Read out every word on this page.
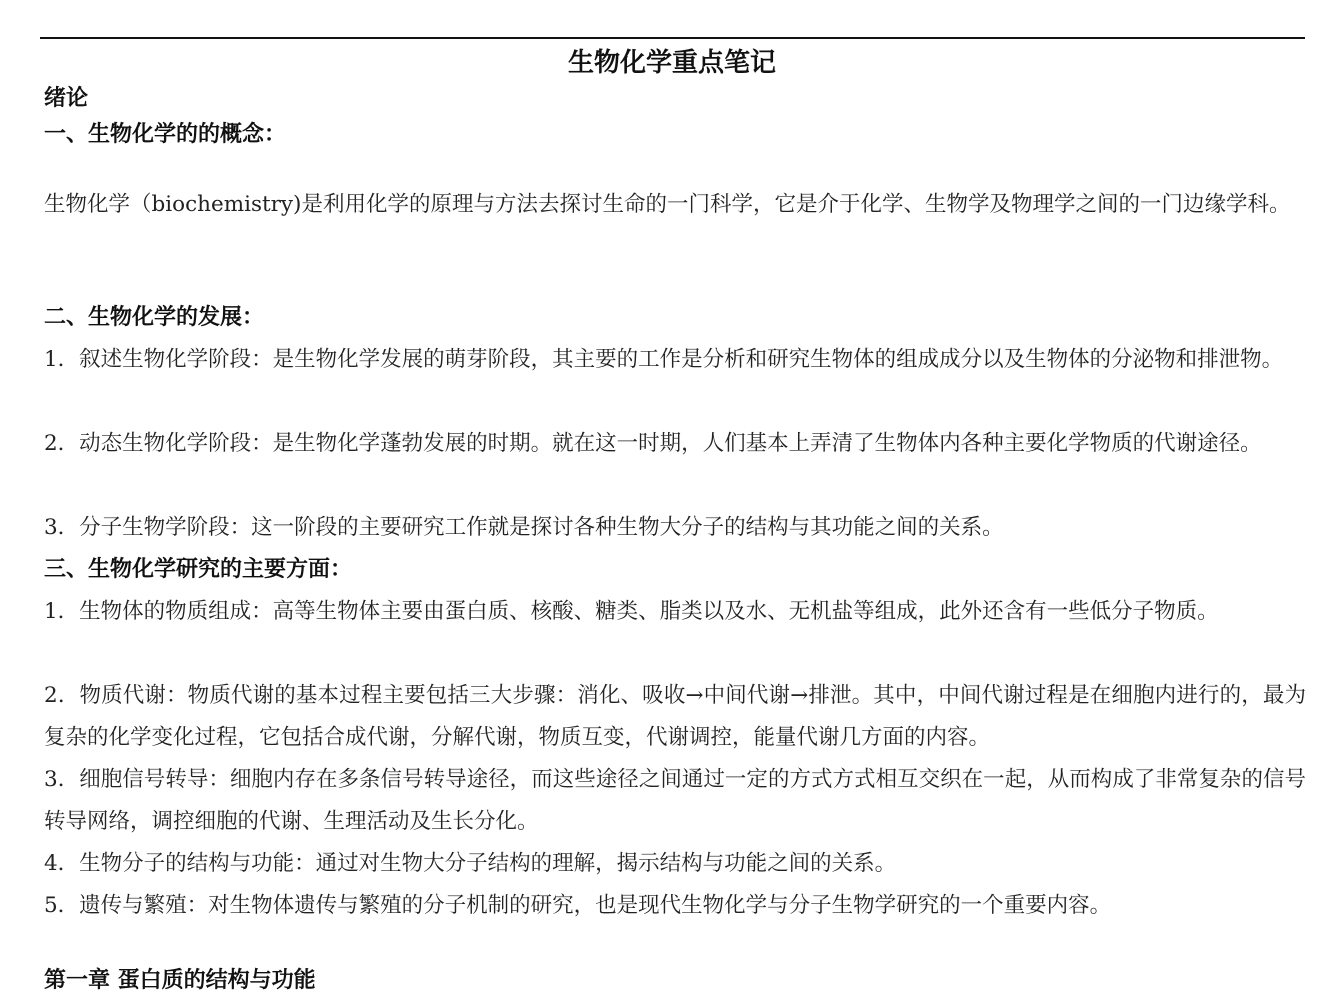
生物化学重点笔记
绪论
一、生物化学的的概念：
生物化学（biochemistry)是利用化学的原理与方法去探讨生命的一门科学，它是介于化学、生物学及物理学之间的一门边缘学科。
二、生物化学的发展：
1．叙述生物化学阶段：是生物化学发展的萌芽阶段，其主要的工作是分析和研究生物体的组成成分以及生物体的分泌物和排泄物。
2．动态生物化学阶段：是生物化学蓬勃发展的时期。就在这一时期，人们基本上弄清了生物体内各种主要化学物质的代谢途径。
3．分子生物学阶段：这一阶段的主要研究工作就是探讨各种生物大分子的结构与其功能之间的关系。
三、生物化学研究的主要方面：
1．生物体的物质组成：高等生物体主要由蛋白质、核酸、糖类、脂类以及水、无机盐等组成，此外还含有一些低分子物质。
2．物质代谢：物质代谢的基本过程主要包括三大步骤：消化、吸收→中间代谢→排泄。其中，中间代谢过程是在细胞内进行的，最为复杂的化学变化过程，它包括合成代谢，分解代谢，物质互变，代谢调控，能量代谢几方面的内容。
3．细胞信号转导：细胞内存在多条信号转导途径，而这些途径之间通过一定的方式方式相互交织在一起，从而构成了非常复杂的信号转导网络，调控细胞的代谢、生理活动及生长分化。
4．生物分子的结构与功能：通过对生物大分子结构的理解，揭示结构与功能之间的关系。
5．遗传与繁殖：对生物体遗传与繁殖的分子机制的研究，也是现代生物化学与分子生物学研究的一个重要内容。
第一章 蛋白质的结构与功能
